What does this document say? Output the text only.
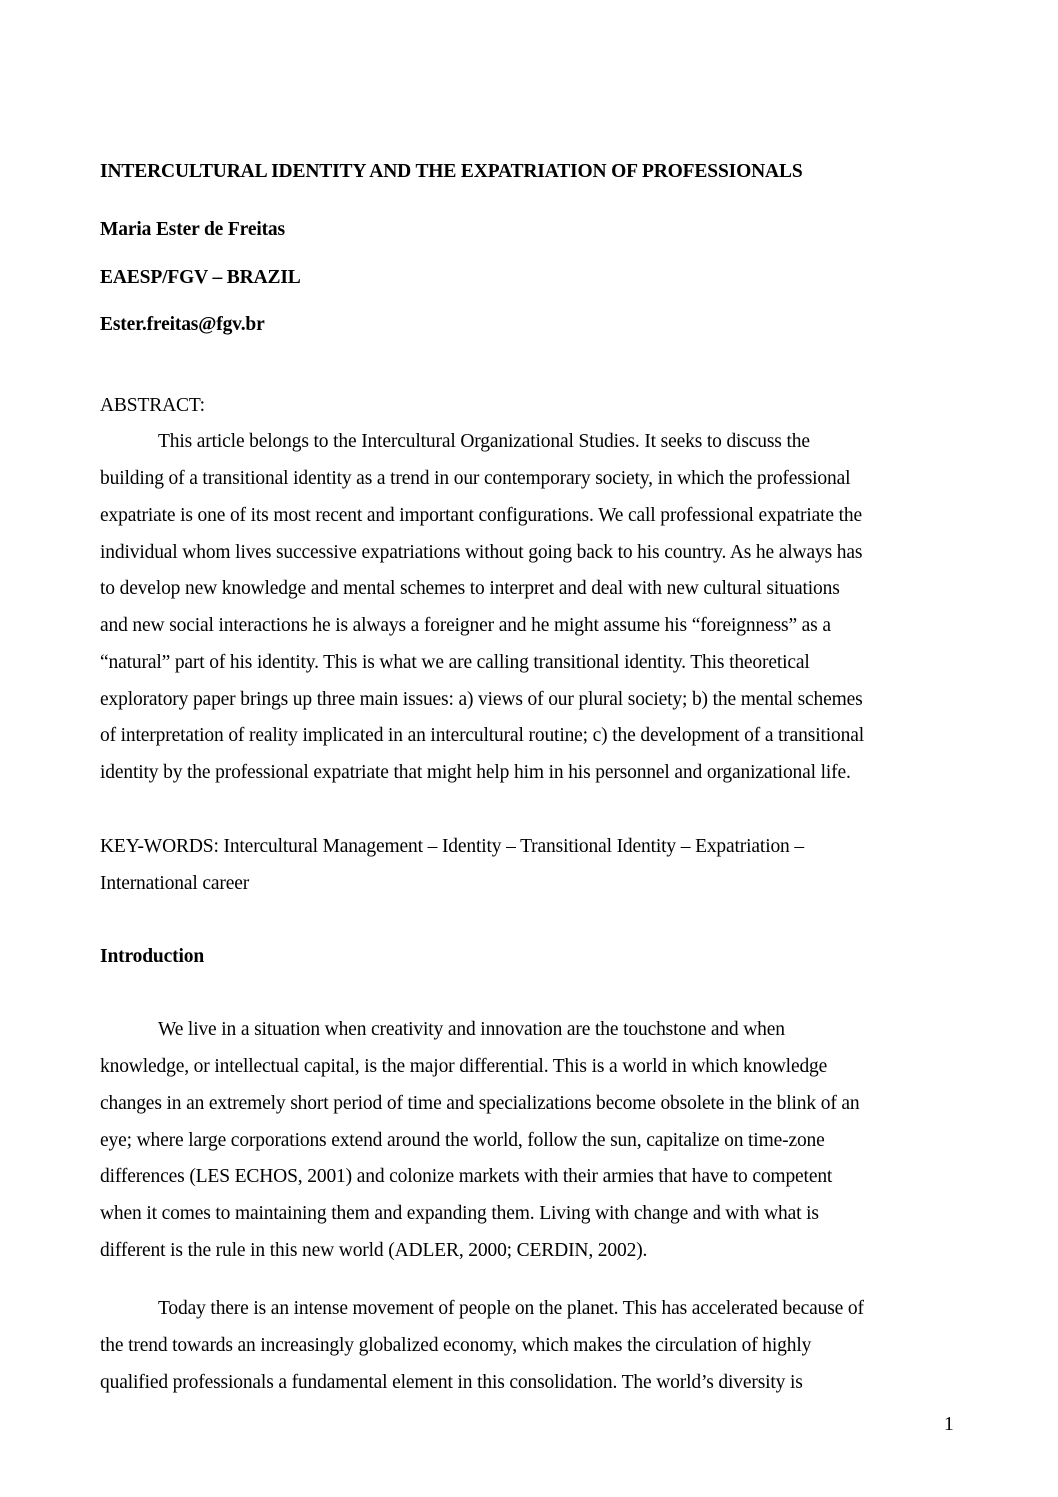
INTERCULTURAL IDENTITY AND THE EXPATRIATION OF PROFESSIONALS
Maria Ester de Freitas
EAESP/FGV – BRAZIL
Ester.freitas@fgv.br
ABSTRACT:
This article belongs to the Intercultural Organizational Studies. It seeks to discuss the
building of a transitional identity as a trend in our contemporary society, in which the professional
expatriate is one of its most recent and important configurations. We call professional expatriate the
individual whom lives successive expatriations without going back to his country. As he always has
to develop new knowledge and mental schemes to interpret and deal with new cultural situations
and new social interactions he is always a foreigner and he might assume his “foreignness” as a
“natural” part of his identity. This is what we are calling transitional identity. This theoretical
exploratory paper brings up three main issues: a) views of our plural society; b) the mental schemes
of interpretation of reality implicated in an intercultural routine; c) the development of a transitional
identity by the professional expatriate that might help him in his personnel and organizational life.
KEY-WORDS: Intercultural Management – Identity – Transitional Identity – Expatriation –
International career
Introduction
We live in a situation when creativity and innovation are the touchstone and when
knowledge, or intellectual capital, is the major differential. This is a world in which knowledge
changes in an extremely short period of time and specializations become obsolete in the blink of an
eye; where large corporations extend around the world, follow the sun, capitalize on time-zone
differences (LES ECHOS, 2001) and colonize markets with their armies that have to competent
when it comes to maintaining them and expanding them. Living with change and with what is
different is the rule in this new world (ADLER, 2000; CERDIN, 2002).
Today there is an intense movement of people on the planet. This has accelerated because of
the trend towards an increasingly globalized economy, which makes the circulation of highly
qualified professionals a fundamental element in this consolidation. The world’s diversity is
1
